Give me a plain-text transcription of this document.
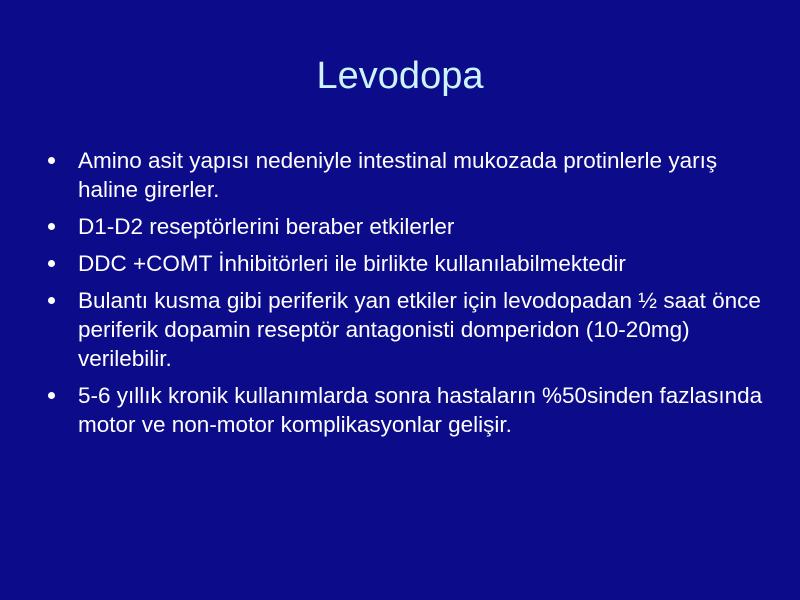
Levodopa
Amino asit yapısı nedeniyle intestinal mukozada protinlerle yarış haline girerler.
D1-D2 reseptörlerini beraber etkilerler
DDC +COMT İnhibitörleri ile birlikte kullanılabilmektedir
Bulantı kusma gibi periferik yan etkiler için levodopadan ½ saat önce  periferik dopamin reseptör antagonisti domperidon (10-20mg) verilebilir.
5-6 yıllık kronik kullanımlarda sonra hastaların %50sinden fazlasında motor ve non-motor komplikasyonlar gelişir.
